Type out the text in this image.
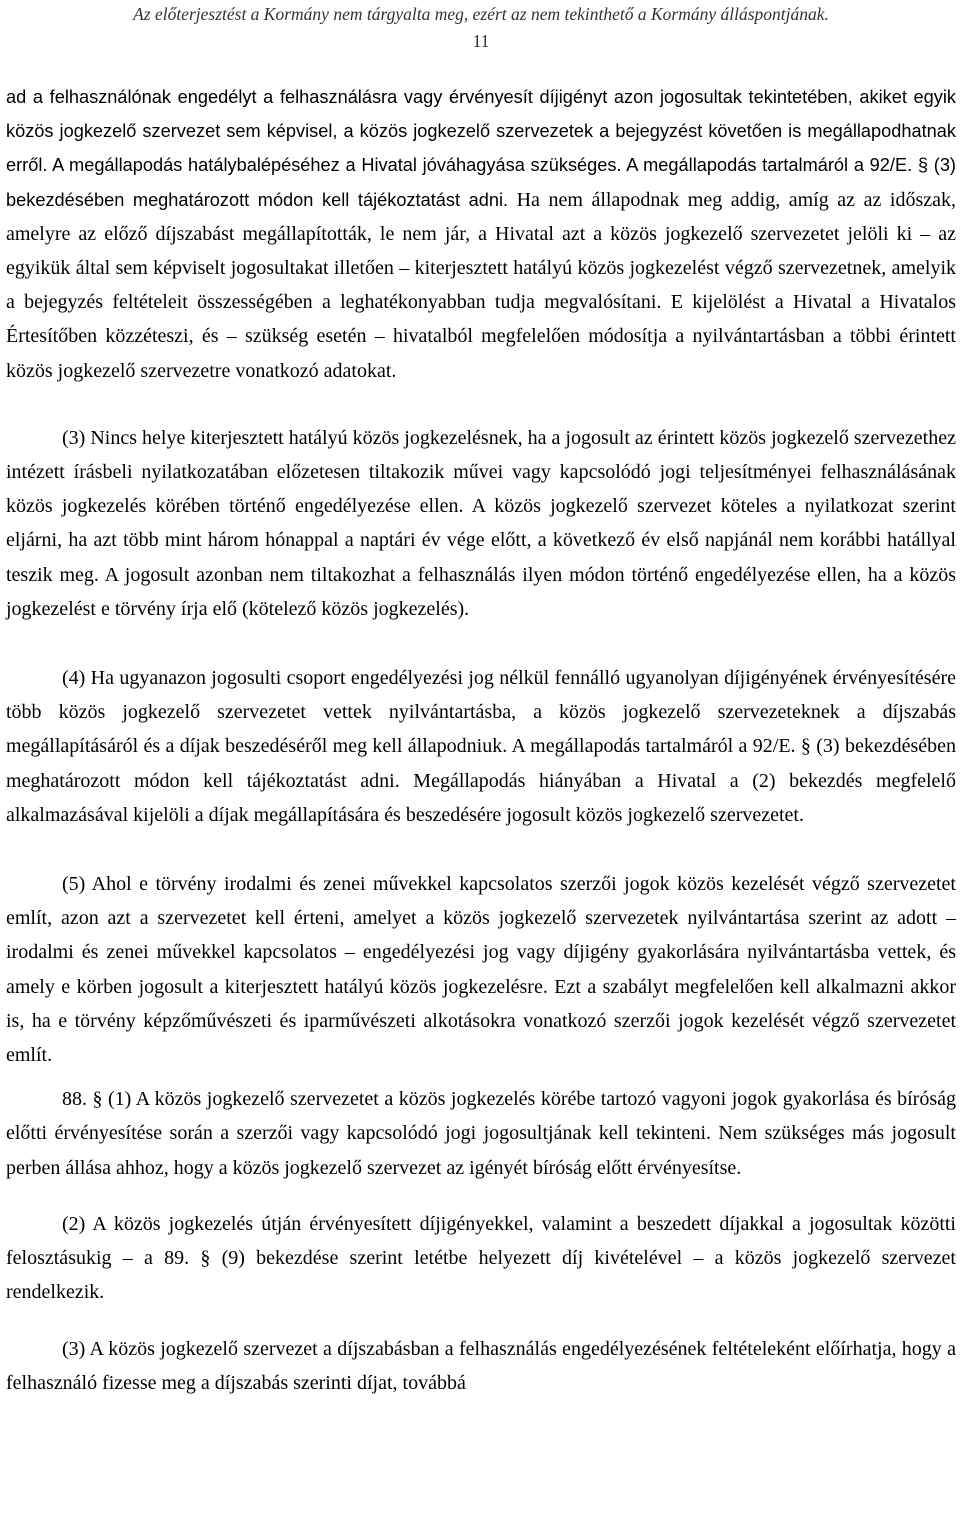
Az előterjesztést a Kormány nem tárgyalta meg, ezért az nem tekinthető a Kormány álláspontjának.
11

ad a felhasználónak engedélyt a felhasználásra vagy érvényesít díjigényt azon jogosultak tekintetében, akiket egyik közös jogkezelő szervezet sem képvisel, a közös jogkezelő szervezetek a bejegyzést követően is megállapodhatnak erről. A megállapodás hatálybalépéséhez a Hivatal jóváhagyása szükséges. A megállapodás tartalmáról a 92/E. § (3) bekezdésében meghatározott módon kell tájékoztatást adni. Ha nem állapodnak meg addig, amíg az az időszak, amelyre az előző díjszabást megállapították, le nem jár, a Hivatal azt a közös jogkezelő szervezetet jelöli ki – az egyikük által sem képviselt jogosultakat illetően – kiterjesztett hatályú közös jogkezelést végző szervezetnek, amelyik a bejegyzés feltételeit összességében a leghatékonyabban tudja megvalósítani. E kijelölést a Hivatal a Hivatalos Értesítőben közzéteszi, és – szükség esetén – hivatalból megfelelően módosítja a nyilvántartásban a többi érintett közös jogkezelő szervezetre vonatkozó adatokat.

(3) Nincs helye kiterjesztett hatályú közös jogkezelésnek, ha a jogosult az érintett közös jogkezelő szervezethez intézett írásbeli nyilatkozatában előzetesen tiltakozik művei vagy kapcsolódó jogi teljesítményei felhasználásának közös jogkezelés körében történő engedélyezése ellen. A közös jogkezelő szervezet köteles a nyilatkozat szerint eljárni, ha azt több mint három hónappal a naptári év vége előtt, a következő év első napjánál nem korábbi hatállyal teszik meg. A jogosult azonban nem tiltakozhat a felhasználás ilyen módon történő engedélyezése ellen, ha a közös jogkezelést e törvény írja elő (kötelező közös jogkezelés).

(4) Ha ugyanazon jogosulti csoport engedélyezési jog nélkül fennálló ugyanolyan díjigényének érvényesítésére több közös jogkezelő szervezetet vettek nyilvántartásba, a közös jogkezelő szervezeteknek a díjszabás megállapításáról és a díjak beszedéséről meg kell állapodniuk. A megállapodás tartalmáról a 92/E. § (3) bekezdésében meghatározott módon kell tájékoztatást adni. Megállapodás hiányában a Hivatal a (2) bekezdés megfelelő alkalmazásával kijelöli a díjak megállapítására és beszedésére jogosult közös jogkezelő szervezetet.

(5) Ahol e törvény irodalmi és zenei művekkel kapcsolatos szerzői jogok közös kezelését végző szervezetet említ, azon azt a szervezetet kell érteni, amelyet a közös jogkezelő szervezetek nyilvántartása szerint az adott – irodalmi és zenei művekkel kapcsolatos – engedélyezési jog vagy díjigény gyakorlására nyilvántartásba vettek, és amely e körben jogosult a kiterjesztett hatályú közös jogkezelésre. Ezt a szabályt megfelelően kell alkalmazni akkor is, ha e törvény képzőművészeti és iparművészeti alkotásokra vonatkozó szerzői jogok kezelését végző szervezetet említ.

88. § (1) A közös jogkezelő szervezetet a közös jogkezelés körébe tartozó vagyoni jogok gyakorlása és bíróság előtti érvényesítése során a szerzői vagy kapcsolódó jogi jogosultjának kell tekinteni. Nem szükséges más jogosult perben állása ahhoz, hogy a közös jogkezelő szervezet az igényét bíróság előtt érvényesítse.

(2) A közös jogkezelés útján érvényesített díjigényekkel, valamint a beszedett díjakkal a jogosultak közötti felosztásukig – a 89. § (9) bekezdése szerint letétbe helyezett díj kivételével – a közös jogkezelő szervezet rendelkezik.

(3) A közös jogkezelő szervezet a díjszabásban a felhasználás engedélyezésének feltételeként előírhatja, hogy a felhasználó fizesse meg a díjszabás szerinti díjat, továbbá
